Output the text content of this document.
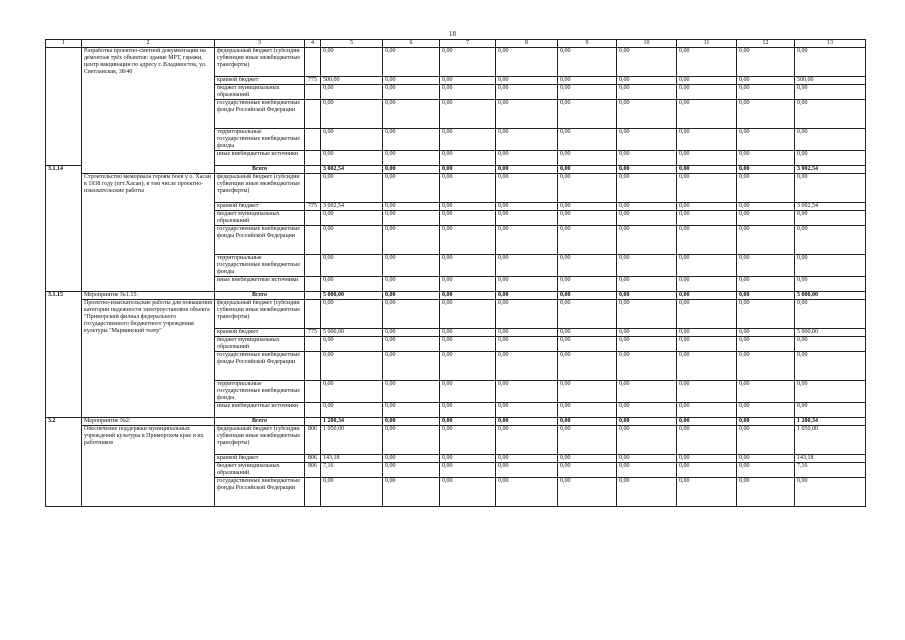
18
1	2	3	4	5	6	7	8	9	10	11	12	13
	Разработка проектно-сметной документации на демонтаж трёх объектов: здание МРТ, гаражи, центр вакцинации по адресу г. Владивосток, ул. Светланская, 38/40	федеральный бюджет (субсидии субвенции иные межбюджетные трансферты)		0,00	0,00	0,00	0,00	0,00	0,00	0,00	0,00	0,00
		краевой бюджет	775	500,00	0,00	0,00	0,00	0,00	0,00	0,00	0,00	500,00
		бюджет муниципальных образований		0,00	0,00	0,00	0,00	0,00	0,00	0,00	0,00	0,00
		государственные внебюджетные фонды Российской Федерации		0,00	0,00	0,00	0,00	0,00	0,00	0,00	0,00	0,00
		территориальные государственные внебюджетные фонды		0,00	0,00	0,00	0,00	0,00	0,00	0,00	0,00	0,00
		иные внебюджетные источники		0,00	0,00	0,00	0,00	0,00	0,00	0,00	0,00	0,00
3.1.14		Всего		3 002,54	0,00	0,00	0,00	0,00	0,00	0,00	0,00	3 002,54
	Строительство мемориала героям боев у о. Хасан в 1938 году (пгт.Хасан), в том числе проектно-изыскательские работы	федеральный бюджет (субсидии субвенции иные межбюджетные трансферты)		0,00	0,00	0,00	0,00	0,00	0,00	0,00	0,00	0,00
		краевой бюджет	775	3 002,54	0,00	0,00	0,00	0,00	0,00	0,00	0,00	3 002,54
		бюджет муниципальных образований		0,00	0,00	0,00	0,00	0,00	0,00	0,00	0,00	0,00
		государственные внебюджетные фонды Российской Федерации		0,00	0,00	0,00	0,00	0,00	0,00	0,00	0,00	0,00
		территориальные государственные внебюджетные фонды		0,00	0,00	0,00	0,00	0,00	0,00	0,00	0,00	0,00
		иные внебюджетные источники		0,00	0,00	0,00	0,00	0,00	0,00	0,00	0,00	0,00
3.1.15	Мероприятие №1.15:	Всего		5 000,00	0,00	0,00	0,00	0,00	0,00	0,00	0,00	5 000,00
	Проектно-изыскательские работы для повышения категории надежности электроустановок объекта "Приморский филиал федерального государственного бюджетного учреждения культуры "Мариинский театр"	федеральный бюджет (субсидии субвенции иные межбюджетные трансферты)		0,00	0,00	0,00	0,00	0,00	0,00	0,00	0,00	0,00
		краевой бюджет	775	5 000,00	0,00	0,00	0,00	0,00	0,00	0,00	0,00	5 000,00
		бюджет муниципальных образований		0,00	0,00	0,00	0,00	0,00	0,00	0,00	0,00	0,00
		государственные внебюджетные фонды Российской Федерации		0,00	0,00	0,00	0,00	0,00	0,00	0,00	0,00	0,00
		территориальные государственные внебюджетные фонды		0,00	0,00	0,00	0,00	0,00	0,00	0,00	0,00	0,00
		иные внебюджетные источники		0,00	0,00	0,00	0,00	0,00	0,00	0,00	0,00	0,00
3.2	Мероприятие №2:	Всего		1 200,34	0,00	0,00	0,00	0,00	0,00	0,00	0,00	1 200,34
	Обеспечение поддержки муниципальных учреждений культуры в Приморском крае и их работников	федеральный бюджет (субсидии субвенции иные межбюджетные трансферты)	806	1 050,00	0,00	0,00	0,00	0,00	0,00	0,00	0,00	1 050,00
		краевой бюджет	806	143,18	0,00	0,00	0,00	0,00	0,00	0,00	0,00	143,18
		бюджет муниципальных образований	806	7,16	0,00	0,00	0,00	0,00	0,00	0,00	0,00	7,16
		государственные внебюджетные фонды Российской Федерации		0,00	0,00	0,00	0,00	0,00	0,00	0,00	0,00	0,00
